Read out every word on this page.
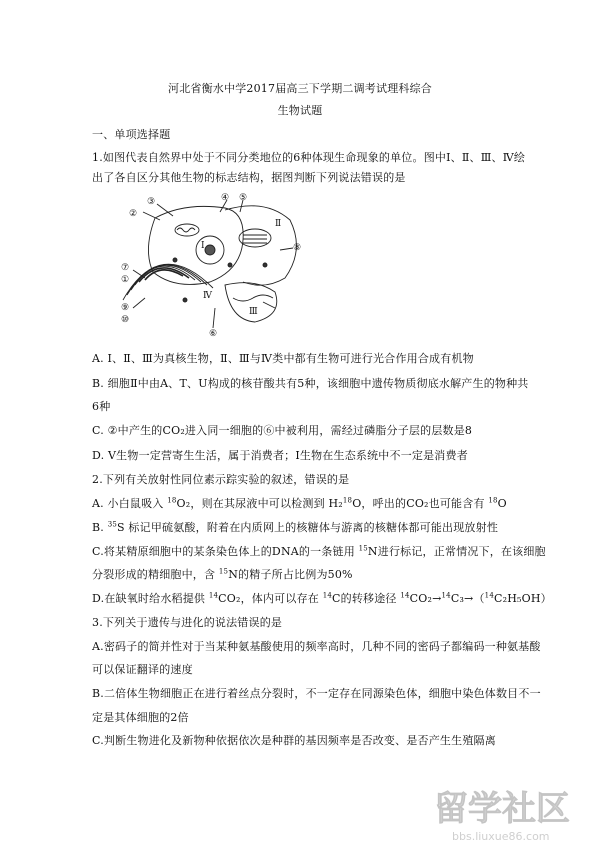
河北省衡水中学2017届高三下学期二调考试理科综合
生物试题
一、单项选择题
1.如图代表自然界中处于不同分类地位的6种体现生命现象的单位。图中Ⅰ、Ⅱ、Ⅲ、Ⅳ绘
出了各自区分其他生物的标志结构，据图判断下列说法错误的是
②
③	④ ⑤
⑧
⑦
①
⑨
⑩
⑥
Ⅰ
Ⅱ
Ⅲ
Ⅳ
A. Ⅰ、Ⅱ、Ⅲ为真核生物，Ⅱ、Ⅲ与Ⅳ类中都有生物可进行光合作用合成有机物
B. 细胞Ⅱ中由A、T、U构成的核苷酸共有5种，该细胞中遗传物质彻底水解产生的物种共
6种
C. ②中产生的CO₂进入同一细胞的⑥中被利用，需经过磷脂分子层的层数是8
D. Ⅴ生物一定营寄生生活，属于消费者；Ⅰ生物在生态系统中不一定是消费者
2.下列有关放射性同位素示踪实验的叙述，错误的是
A. 小白鼠吸入 $^{18}$O₂，则在其尿液中可以检测到 H₂$^{18}$O，呼出的CO₂也可能含有 $^{18}$O
B. $^{35}$S 标记甲硫氨酸，附着在内质网上的核糖体与游离的核糖体都可能出现放射性
C.将某精原细胞中的某条染色体上的DNA的一条链用 $^{15}$N进行标记，正常情况下，在该细胞
分裂形成的精细胞中，含 $^{15}$N的精子所占比例为50%
D.在缺氧时给水稻提供 $^{14}$CO₂，体内可以存在 $^{14}$C的转移途径 $^{14}$CO₂→$^{14}$C₃→（$^{14}$C₂H₅OH）
3.下列关于遗传与进化的说法错误的是
A.密码子的简并性对于当某种氨基酸使用的频率高时，几种不同的密码子都编码一种氨基酸
可以保证翻译的速度
B.二倍体生物细胞正在进行着丝点分裂时，不一定存在同源染色体，细胞中染色体数目不一
定是其体细胞的2倍
C.判断生物进化及新物种依据依次是种群的基因频率是否改变、是否产生生殖隔离
留学社区
bbs.liuxue86.com
